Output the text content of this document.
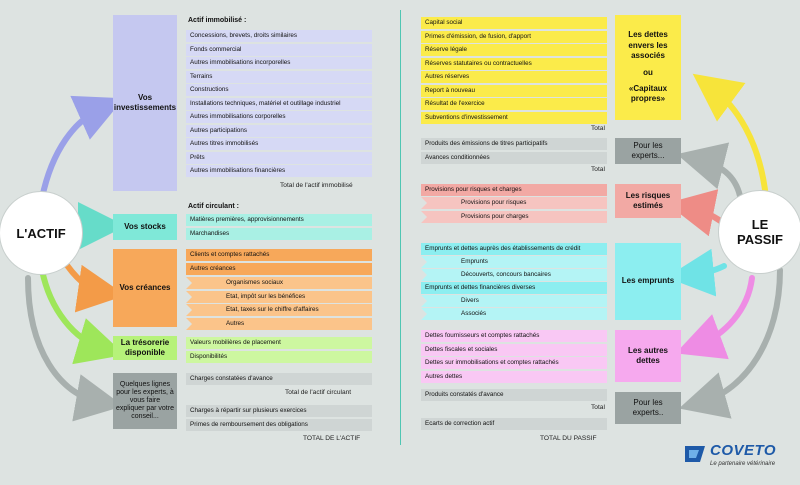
L'ACTIF
LE PASSIF
Vos investissements
Vos stocks
Vos créances
La trésorerie disponible
Quelques lignes pour les experts, à vous faire expliquer par votre conseil...
Actif immobilisé :
Concessions, brevets, droits similaires
Fonds commercial
Autres immobilisations incorporelles
Terrains
Constructions
Installations techniques, matériel et outillage industriel
Autres immobilisations corporelles
Autres participations
Autres titres immobilisés
Prêts
Autres immobilisations financières
Total de l'actif immobilisé
Actif circulant :
Matières premières, approvisionnements
Marchandises
Clients et comptes rattachés
Autres créances
Organismes sociaux
Etat, impôt sur les bénéfices
Etat, taxes sur le chiffre d'affaires
Autres
Valeurs mobilières de placement
Disponibilités
Charges constatées d'avance
Charges à répartir sur plusieurs exercices
Primes de remboursement des obligations
Total de l'actif circulant
TOTAL DE L'ACTIF
Les dettes envers les associés
ou
«Capitaux propres»
Pour les experts...
Les risques estimés
Les emprunts
Les autres dettes
Pour les experts..
Capital social
Primes d'émission, de fusion, d'apport
Réserve légale
Réserves statutaires ou contractuelles
Autres réserves
Report à nouveau
Résultat de l'exercice
Subventions d'investissement
Produits des émissions de titres participatifs
Avances conditionnées
Provisions pour risques et charges
Provisions pour risques
Provisions pour charges
Emprunts et dettes auprès des établissements de crédit
Emprunts
Découverts, concours bancaires
Emprunts et dettes financières diverses
Divers
Associés
Dettes fournisseurs et comptes rattachés
Dettes fiscales et sociales
Dettes sur immobilisations et comptes rattachés
Autres dettes
Produits constatés d'avance
Ecarts de correction actif
Total
Total
Total
TOTAL DU PASSIF
COVETO
Le partenaire vétérinaire
